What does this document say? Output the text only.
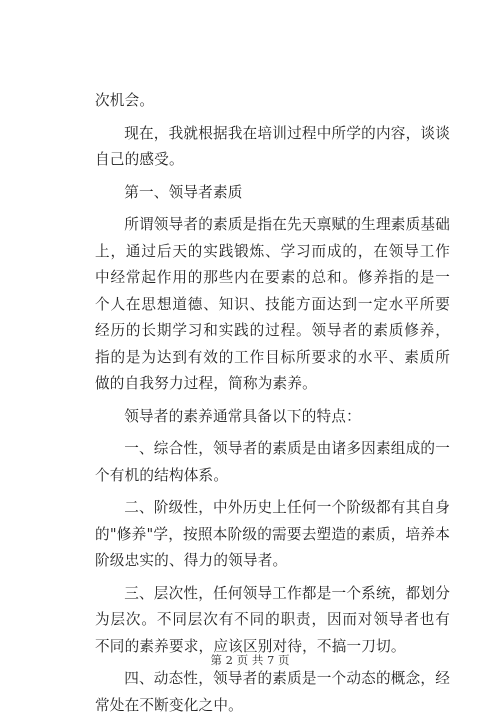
次机会。

现在，我就根据我在培训过程中所学的内容，谈谈自己的感受。

第一、领导者素质

所谓领导者的素质是指在先天禀赋的生理素质基础上，通过后天的实践锻炼、学习而成的，在领导工作中经常起作用的那些内在要素的总和。修养指的是一个人在思想道德、知识、技能方面达到一定水平所要经历的长期学习和实践的过程。领导者的素质修养，指的是为达到有效的工作目标所要求的水平、素质所做的自我努力过程，简称为素养。

领导者的素养通常具备以下的特点：

一、综合性，领导者的素质是由诸多因素组成的一个有机的结构体系。

二、阶级性，中外历史上任何一个阶级都有其自身的"修养"学，按照本阶级的需要去塑造的素质，培养本阶级忠实的、得力的领导者。

三、层次性，任何领导工作都是一个系统，都划分为层次。不同层次有不同的职责，因而对领导者也有不同的素养要求，应该区别对待，不搞一刀切。

四、动态性，领导者的素质是一个动态的概念，经常处在不断变化之中。

第 2 页 共 7 页
